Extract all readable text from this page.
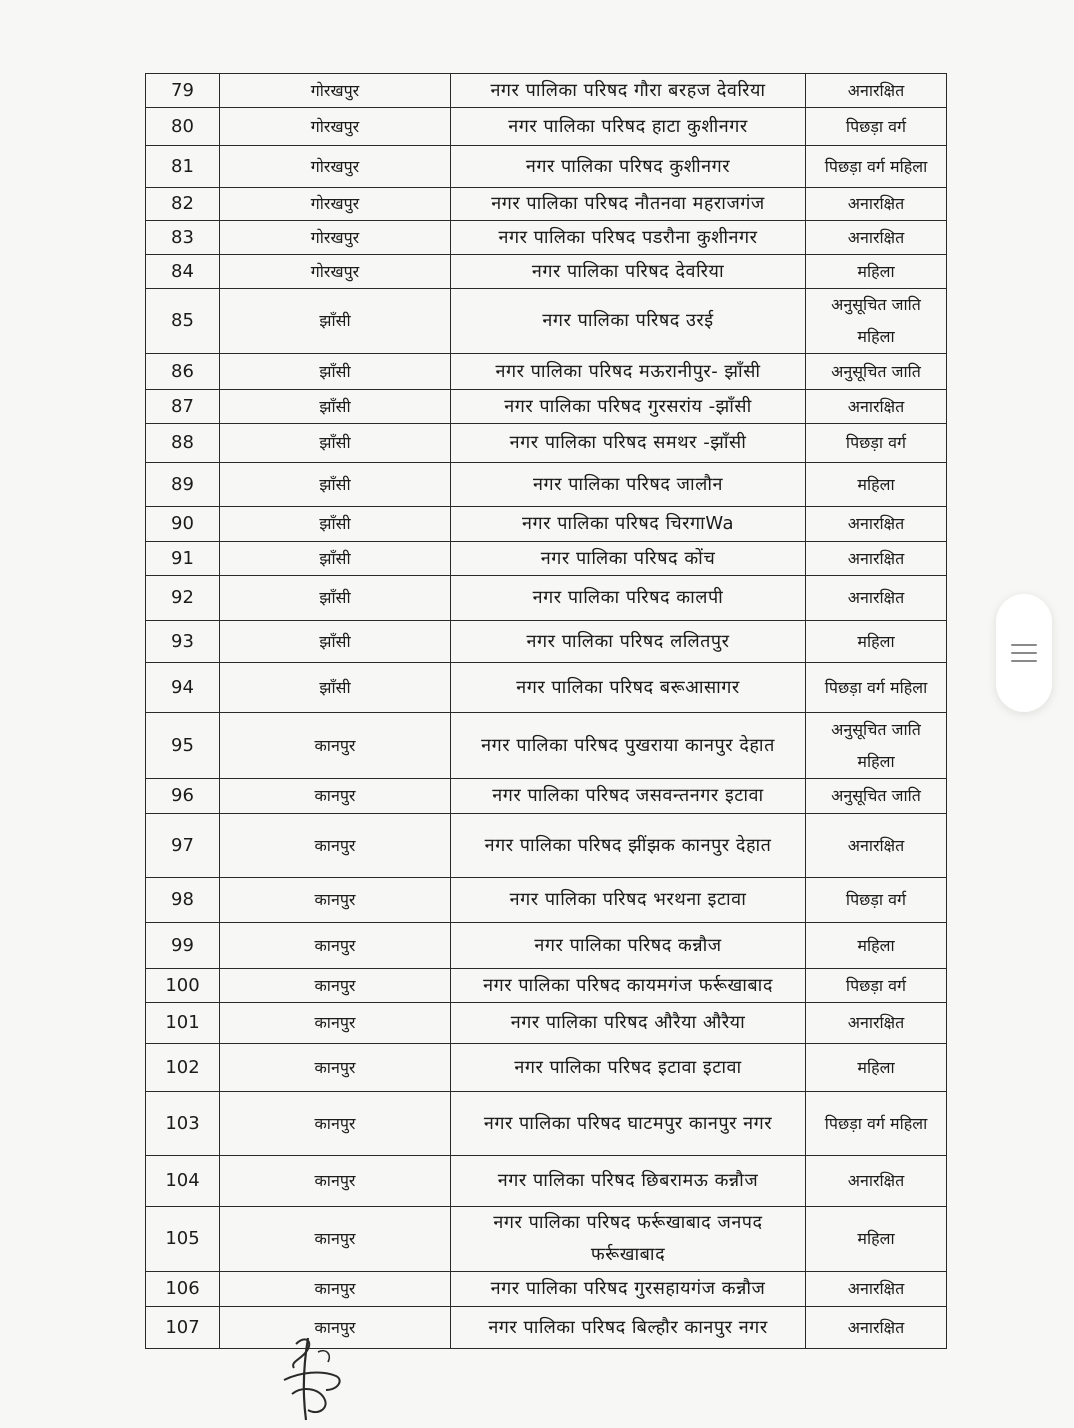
79	गोरखपुर	नगर पालिका परिषद गौरा बरहज देवरिया	अनारक्षित
80	गोरखपुर	नगर पालिका परिषद हाटा कुशीनगर	पिछड़ा वर्ग
81	गोरखपुर	नगर पालिका परिषद कुशीनगर	पिछड़ा वर्ग महिला
82	गोरखपुर	नगर पालिका परिषद नौतनवा महराजगंज	अनारक्षित
83	गोरखपुर	नगर पालिका परिषद पडरौना कुशीनगर	अनारक्षित
84	गोरखपुर	नगर पालिका परिषद देवरिया	महिला
85	झाँसी	नगर पालिका परिषद उरई	अनुसूचित जाति महिला
86	झाँसी	नगर पालिका परिषद मऊरानीपुर- झाँसी	अनुसूचित जाति
87	झाँसी	नगर पालिका परिषद गुरसरांय -झाँसी	अनारक्षित
88	झाँसी	नगर पालिका परिषद समथर -झाँसी	पिछड़ा वर्ग
89	झाँसी	नगर पालिका परिषद जालौन	महिला
90	झाँसी	नगर पालिका परिषद चिरगाWa	अनारक्षित
91	झाँसी	नगर पालिका परिषद कोंच	अनारक्षित
92	झाँसी	नगर पालिका परिषद कालपी	अनारक्षित
93	झाँसी	नगर पालिका परिषद ललितपुर	महिला
94	झाँसी	नगर पालिका परिषद बरूआसागर	पिछड़ा वर्ग महिला
95	कानपुर	नगर पालिका परिषद पुखराया कानपुर देहात	अनुसूचित जाति महिला
96	कानपुर	नगर पालिका परिषद जसवन्तनगर इटावा	अनुसूचित जाति
97	कानपुर	नगर पालिका परिषद झींझक कानपुर देहात	अनारक्षित
98	कानपुर	नगर पालिका परिषद भरथना इटावा	पिछड़ा वर्ग
99	कानपुर	नगर पालिका परिषद कन्नौज	महिला
100	कानपुर	नगर पालिका परिषद कायमगंज फर्रूखाबाद	पिछड़ा वर्ग
101	कानपुर	नगर पालिका परिषद औरैया औरैया	अनारक्षित
102	कानपुर	नगर पालिका परिषद इटावा इटावा	महिला
103	कानपुर	नगर पालिका परिषद घाटमपुर कानपुर नगर	पिछड़ा वर्ग महिला
104	कानपुर	नगर पालिका परिषद छिबरामऊ कन्नौज	अनारक्षित
105	कानपुर	नगर पालिका परिषद फर्रूखाबाद जनपद फर्रूखाबाद	महिला
106	कानपुर	नगर पालिका परिषद गुरसहायगंज कन्नौज	अनारक्षित
107	कानपुर	नगर पालिका परिषद बिल्हौर कानपुर नगर	अनारक्षित
